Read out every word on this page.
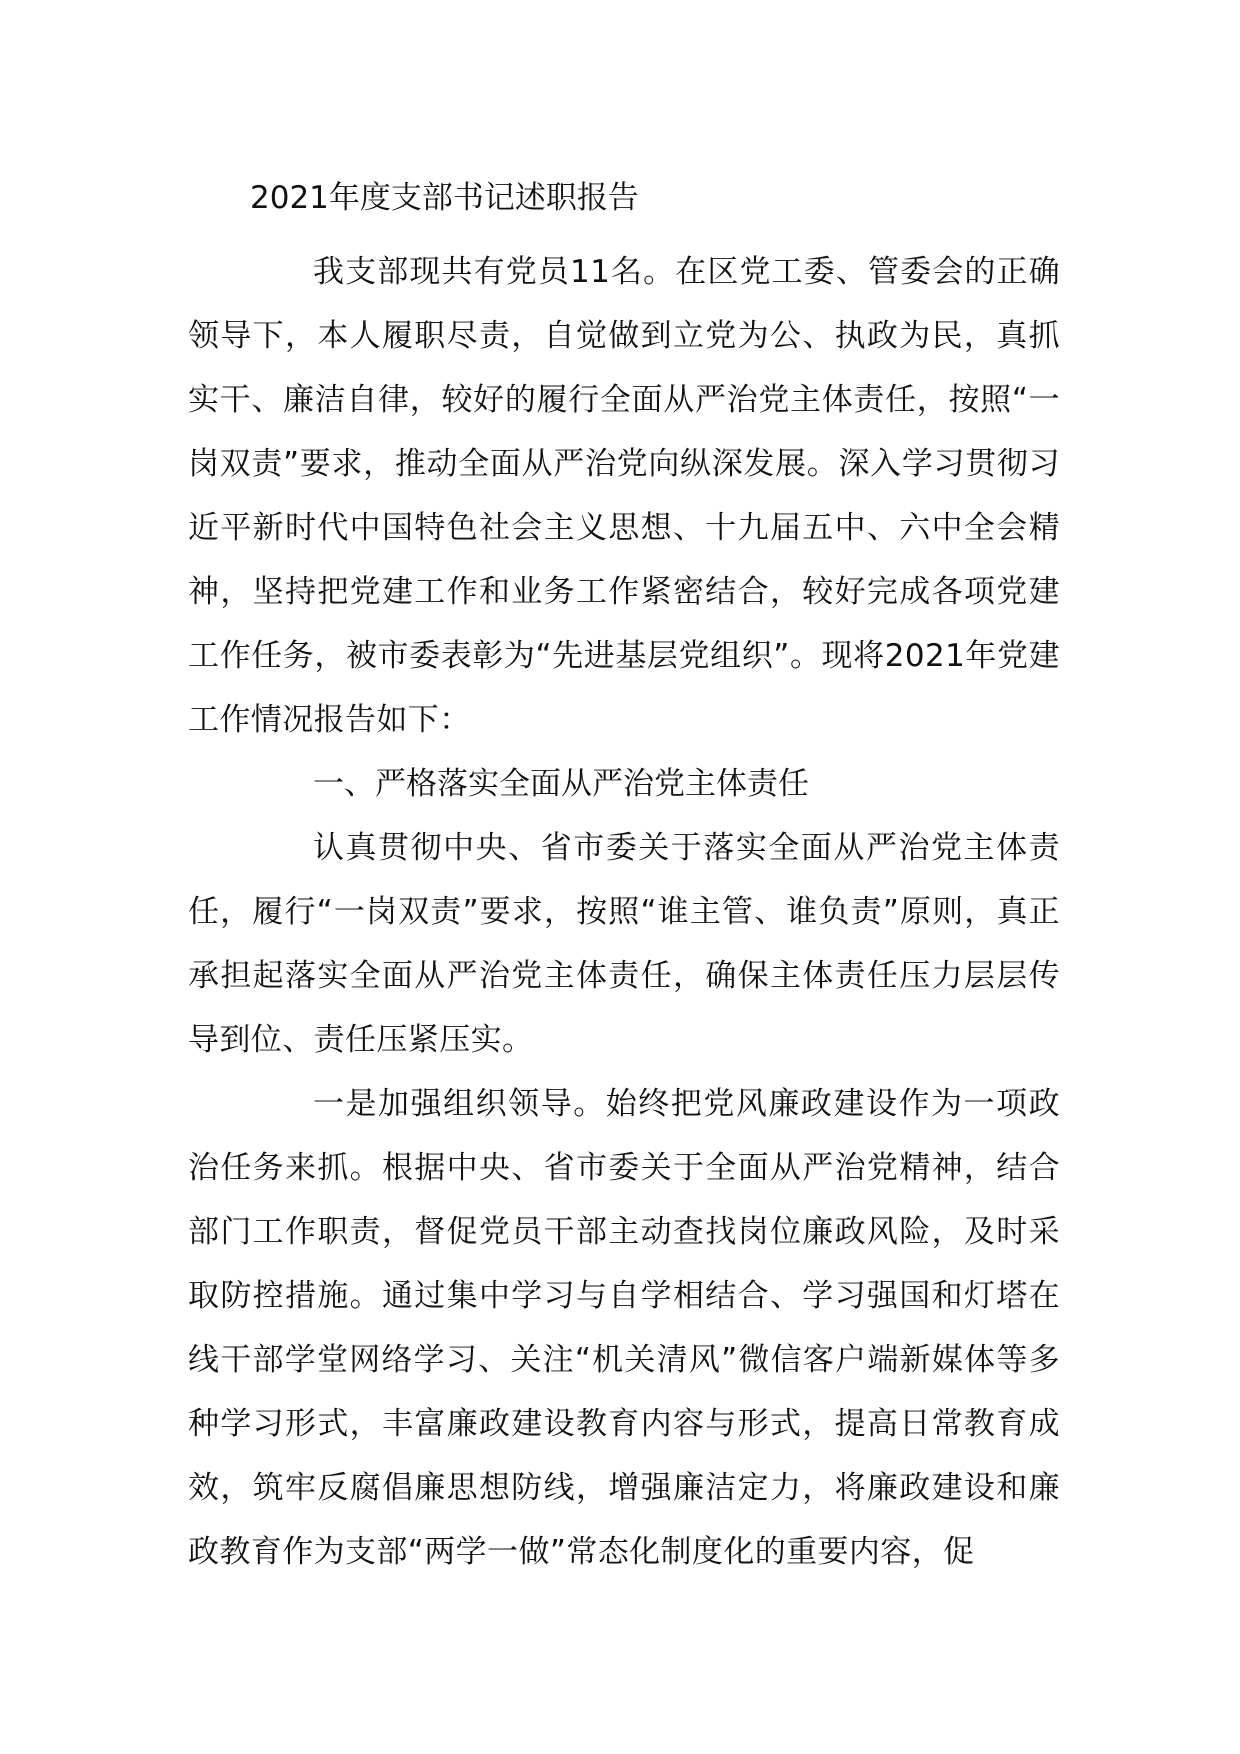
2021年度支部书记述职报告

我支部现共有党员11名。在区党工委、管委会的正确领导下，本人履职尽责，自觉做到立党为公、执政为民，真抓实干、廉洁自律，较好的履行全面从严治党主体责任，按照“一岗双责”要求，推动全面从严治党向纵深发展。深入学习贯彻习近平新时代中国特色社会主义思想、十九届五中、六中全会精神，坚持把党建工作和业务工作紧密结合，较好完成各项党建工作任务，被市委表彰为“先进基层党组织”。现将2021年党建工作情况报告如下：

一、严格落实全面从严治党主体责任

认真贯彻中央、省市委关于落实全面从严治党主体责任，履行“一岗双责”要求，按照“谁主管、谁负责”原则，真正承担起落实全面从严治党主体责任，确保主体责任压力层层传导到位、责任压紧压实。

一是加强组织领导。始终把党风廉政建设作为一项政治任务来抓。根据中央、省市委关于全面从严治党精神，结合部门工作职责，督促党员干部主动查找岗位廉政风险，及时采取防控措施。通过集中学习与自学相结合、学习强国和灯塔在线干部学堂网络学习、关注“机关清风”微信客户端新媒体等多种学习形式，丰富廉政建设教育内容与形式，提高日常教育成效，筑牢反腐倡廉思想防线，增强廉洁定力，将廉政建设和廉政教育作为支部“两学一做”常态化制度化的重要内容，促
